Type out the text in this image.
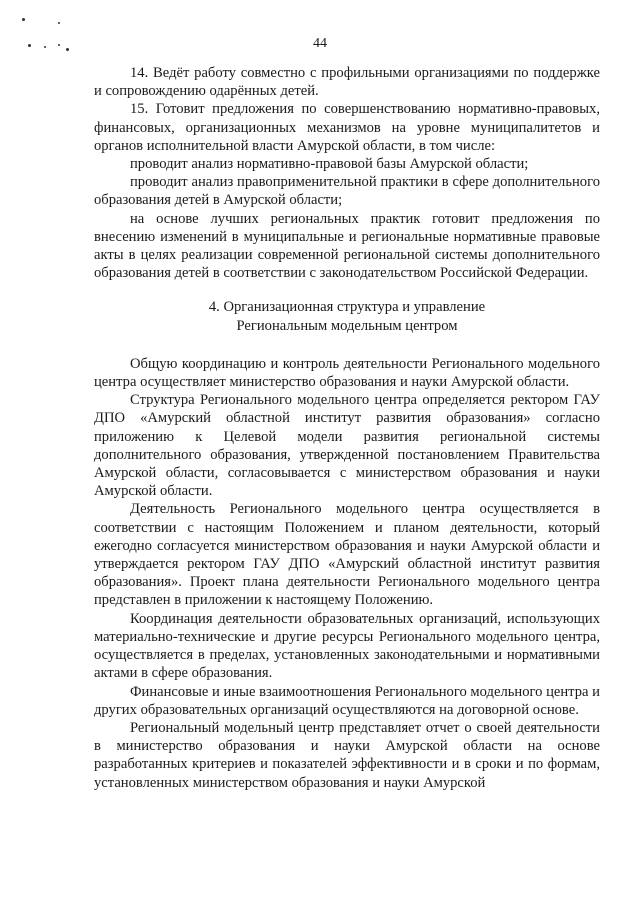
44

14. Ведёт работу совместно с профильными организациями по поддержке и сопровождению одарённых детей.

15. Готовит предложения по совершенствованию нормативно-правовых, финансовых, организационных механизмов на уровне муниципалитетов и органов исполнительной власти Амурской области, в том числе:

проводит анализ нормативно-правовой базы Амурской области;

проводит анализ правоприменительной практики в сфере дополнительного образования детей в Амурской области;

на основе лучших региональных практик готовит предложения по внесению изменений в муниципальные и региональные нормативные правовые акты в целях реализации современной региональной системы дополнительного образования детей в соответствии с законодательством Российской Федерации.

4. Организационная структура и управление
Региональным модельным центром

Общую координацию и контроль деятельности Регионального модельного центра осуществляет министерство образования и науки Амурской области.

Структура Регионального модельного центра определяется ректором ГАУ ДПО «Амурский областной институт развития образования» согласно приложению к Целевой модели развития региональной системы дополнительного образования, утвержденной постановлением Правительства Амурской области, согласовывается с министерством образования и науки Амурской области.

Деятельность Регионального модельного центра осуществляется в соответствии с настоящим Положением и планом деятельности, который ежегодно согласуется министерством образования и науки Амурской области и утверждается ректором ГАУ ДПО «Амурский областной институт развития образования». Проект плана деятельности Регионального модельного центра представлен в приложении к настоящему Положению.

Координация деятельности образовательных организаций, использующих материально-технические и другие ресурсы Регионального модельного центра, осуществляется в пределах, установленных законодательными и нормативными актами в сфере образования.

Финансовые и иные взаимоотношения Регионального модельного центра и других образовательных организаций осуществляются на договорной основе.

Региональный модельный центр представляет отчет о своей деятельности в министерство образования и науки Амурской области на основе разработанных критериев и показателей эффективности и в сроки и по формам, установленных министерством образования и науки Амурской
